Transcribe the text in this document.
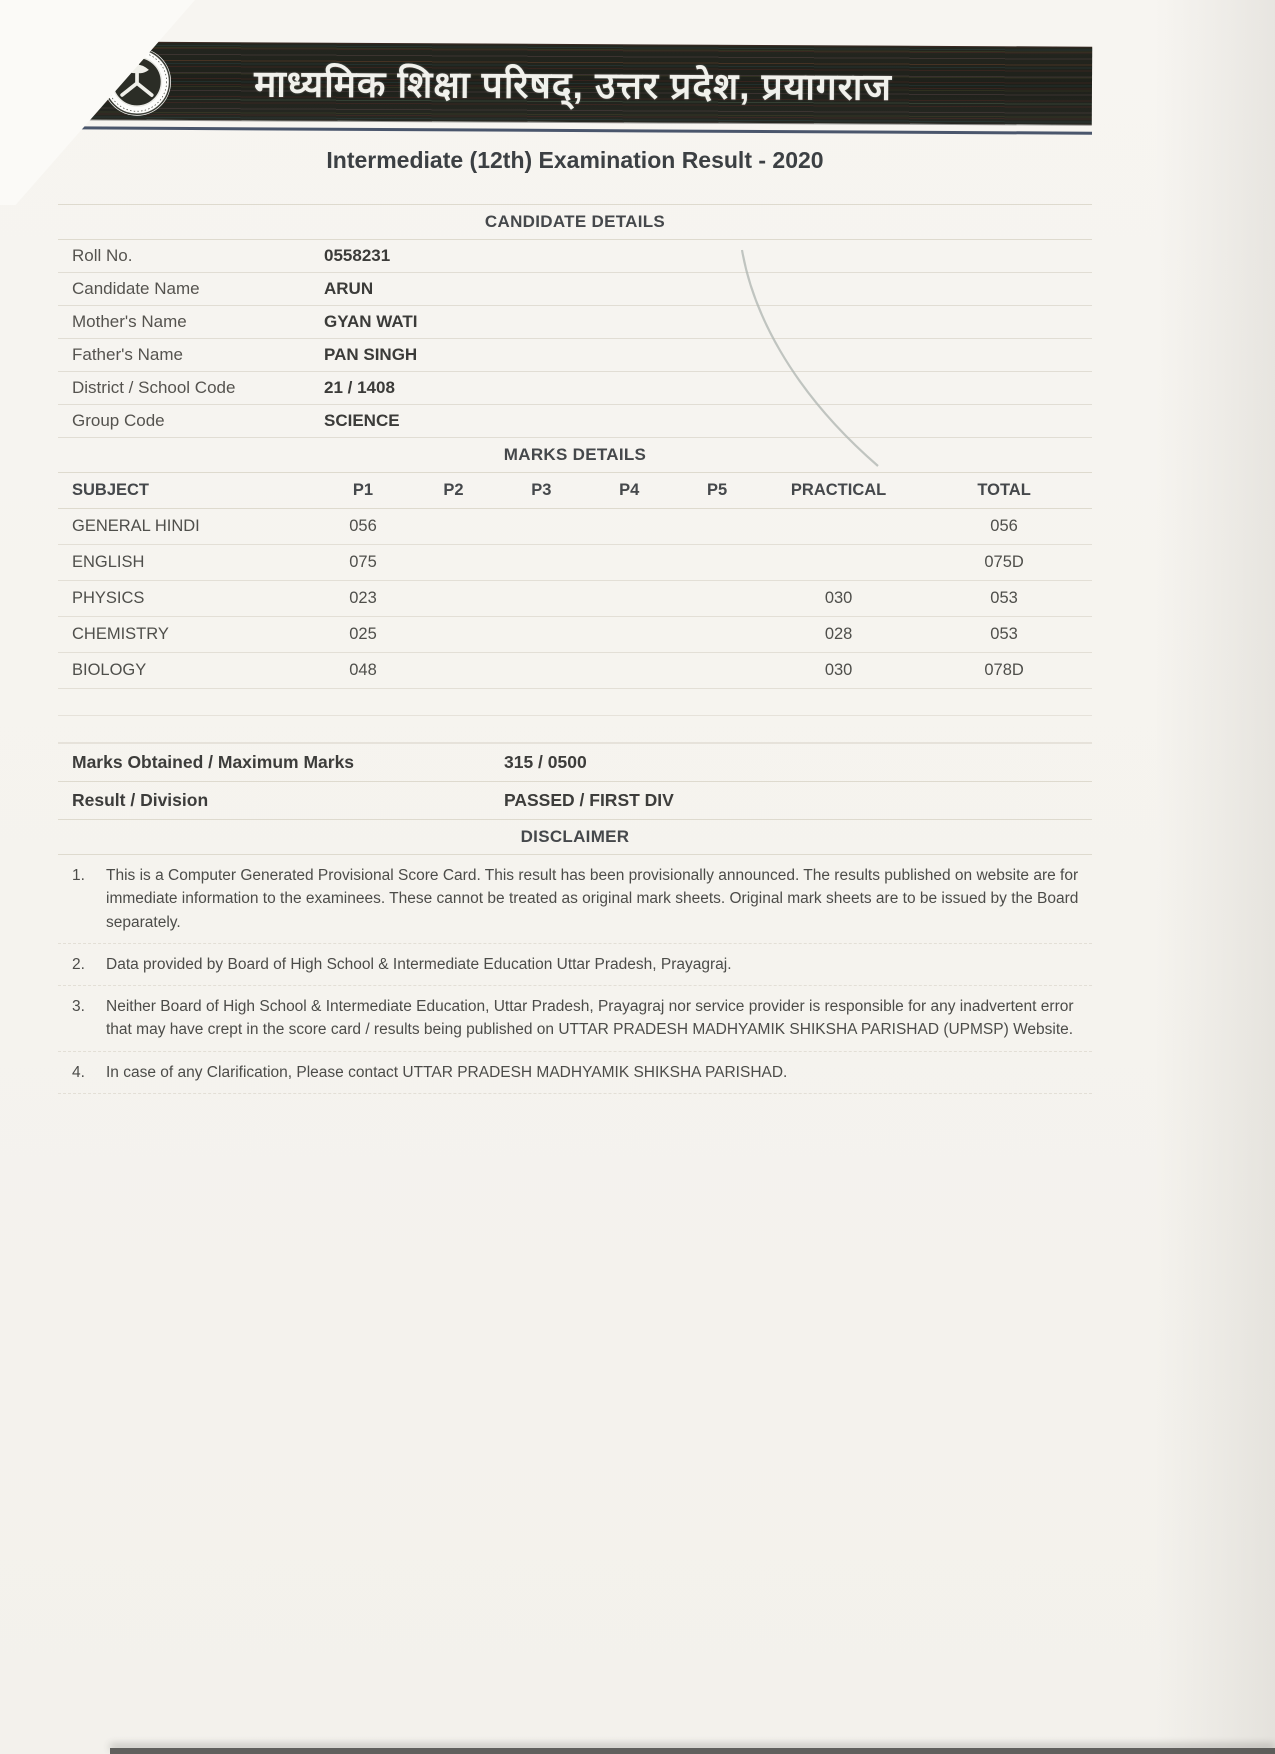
माध्यमिक शिक्षा परिषद्, उत्तर प्रदेश, प्रयागराज
Intermediate (12th) Examination Result - 2020
CANDIDATE DETAILS
Roll No.	0558231
Candidate Name	ARUN
Mother's Name	GYAN WATI
Father's Name	PAN SINGH
District / School Code	21 / 1408
Group Code	SCIENCE
MARKS DETAILS
SUBJECT	P1	P2	P3	P4	P5	PRACTICAL	TOTAL
GENERAL HINDI	056						056
ENGLISH	075						075D
PHYSICS	023					030	053
CHEMISTRY	025					028	053
BIOLOGY	048					030	078D
Marks Obtained / Maximum Marks	315 / 0500
Result / Division	PASSED / FIRST DIV
DISCLAIMER
1.	This is a Computer Generated Provisional Score Card. This result has been provisionally announced. The results published on website are for immediate information to the examinees. These cannot be treated as original mark sheets. Original mark sheets are to be issued by the Board separately.
2.	Data provided by Board of High School & Intermediate Education Uttar Pradesh, Prayagraj.
3.	Neither Board of High School & Intermediate Education, Uttar Pradesh, Prayagraj nor service provider is responsible for any inadvertent error that may have crept in the score card / results being published on UTTAR PRADESH MADHYAMIK SHIKSHA PARISHAD (UPMSP) Website.
4.	In case of any Clarification, Please contact UTTAR PRADESH MADHYAMIK SHIKSHA PARISHAD.
